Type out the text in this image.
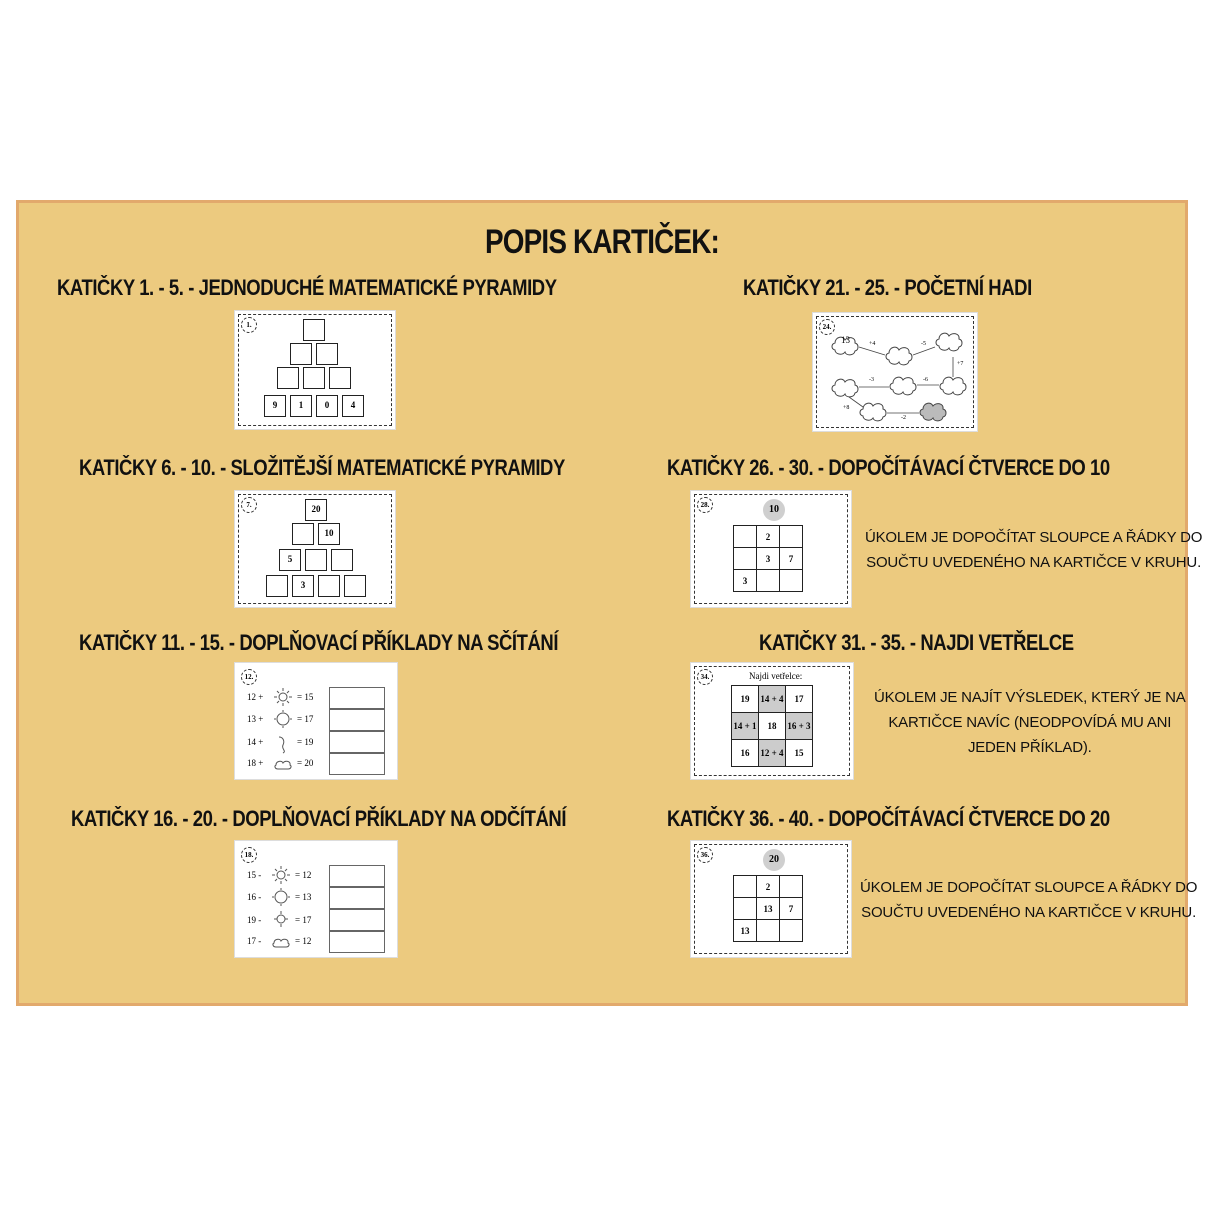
POPIS KARTIČEK:
KATIČKY 1. - 5. - JEDNODUCHÉ MATEMATICKÉ PYRAMIDY
KATIČKY 6. - 10. - SLOŽITĚJŠÍ MATEMATICKÉ PYRAMIDY
KATIČKY 11. - 15. - DOPLŇOVACÍ PŘÍKLADY NA SČÍTÁNÍ
KATIČKY 16. - 20. - DOPLŇOVACÍ PŘÍKLADY NA ODČÍTÁNÍ
KATIČKY 21. - 25. - POČETNÍ HADI
KATIČKY 26. - 30. - DOPOČÍTÁVACÍ ČTVERCE DO 10
KATIČKY 31. - 35. - NAJDI VETŘELCE
KATIČKY 36. - 40. - DOPOČÍTÁVACÍ ČTVERCE DO 20
ÚKOLEM JE DOPOČÍTAT SLOUPCE A ŘÁDKY DO
SOUČTU UVEDENÉHO NA KARTIČCE V KRUHU.
ÚKOLEM JE NAJÍT VÝSLEDEK, KTERÝ JE NA
KARTIČCE NAVÍC (NEODPOVÍDÁ MU ANI
JEDEN PŘÍKLAD).
ÚKOLEM JE DOPOČÍTAT SLOUPCE A ŘÁDKY DO
SOUČTU UVEDENÉHO NA KARTIČCE V KRUHU.
1.
9	1	0	4
7.	20
10
5
3
12.
12 +	= 15
13 +	= 17
14 +	= 19
18 +	= 20
18.
15 -	= 12
16 -	= 13
19 -	= 17
17 -	= 12
24.
13	+4	-5
+7
-6
-3
+8
-2
28.	10
	2	
	3	7
3		
34.	Najdi vetřelce:
19	14 + 4	17
14 + 1	18	16 + 3
16	12 + 4	15
36.	20
	2	
	13	7
13		
